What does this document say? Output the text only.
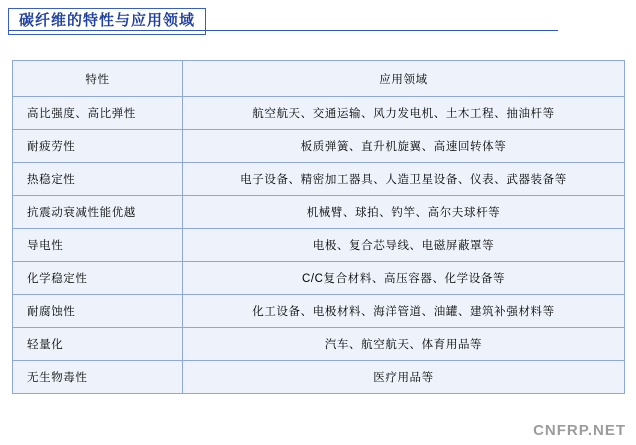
碳纤维的特性与应用领域
特性	应用领域
高比强度、高比弹性	航空航天、交通运输、风力发电机、土木工程、抽油杆等
耐疲劳性	板质弹簧、直升机旋翼、高速回转体等
热稳定性	电子设备、精密加工器具、人造卫星设备、仪表、武器装备等
抗震动衰减性能优越	机械臂、球拍、钓竿、高尔夫球杆等
导电性	电极、复合芯导线、电磁屏蔽罩等
化学稳定性	C/C复合材料、高压容器、化学设备等
耐腐蚀性	化工设备、电极材料、海洋管道、油罐、建筑补强材料等
轻量化	汽车、航空航天、体育用品等
无生物毒性	医疗用品等
CNFRP.NET
